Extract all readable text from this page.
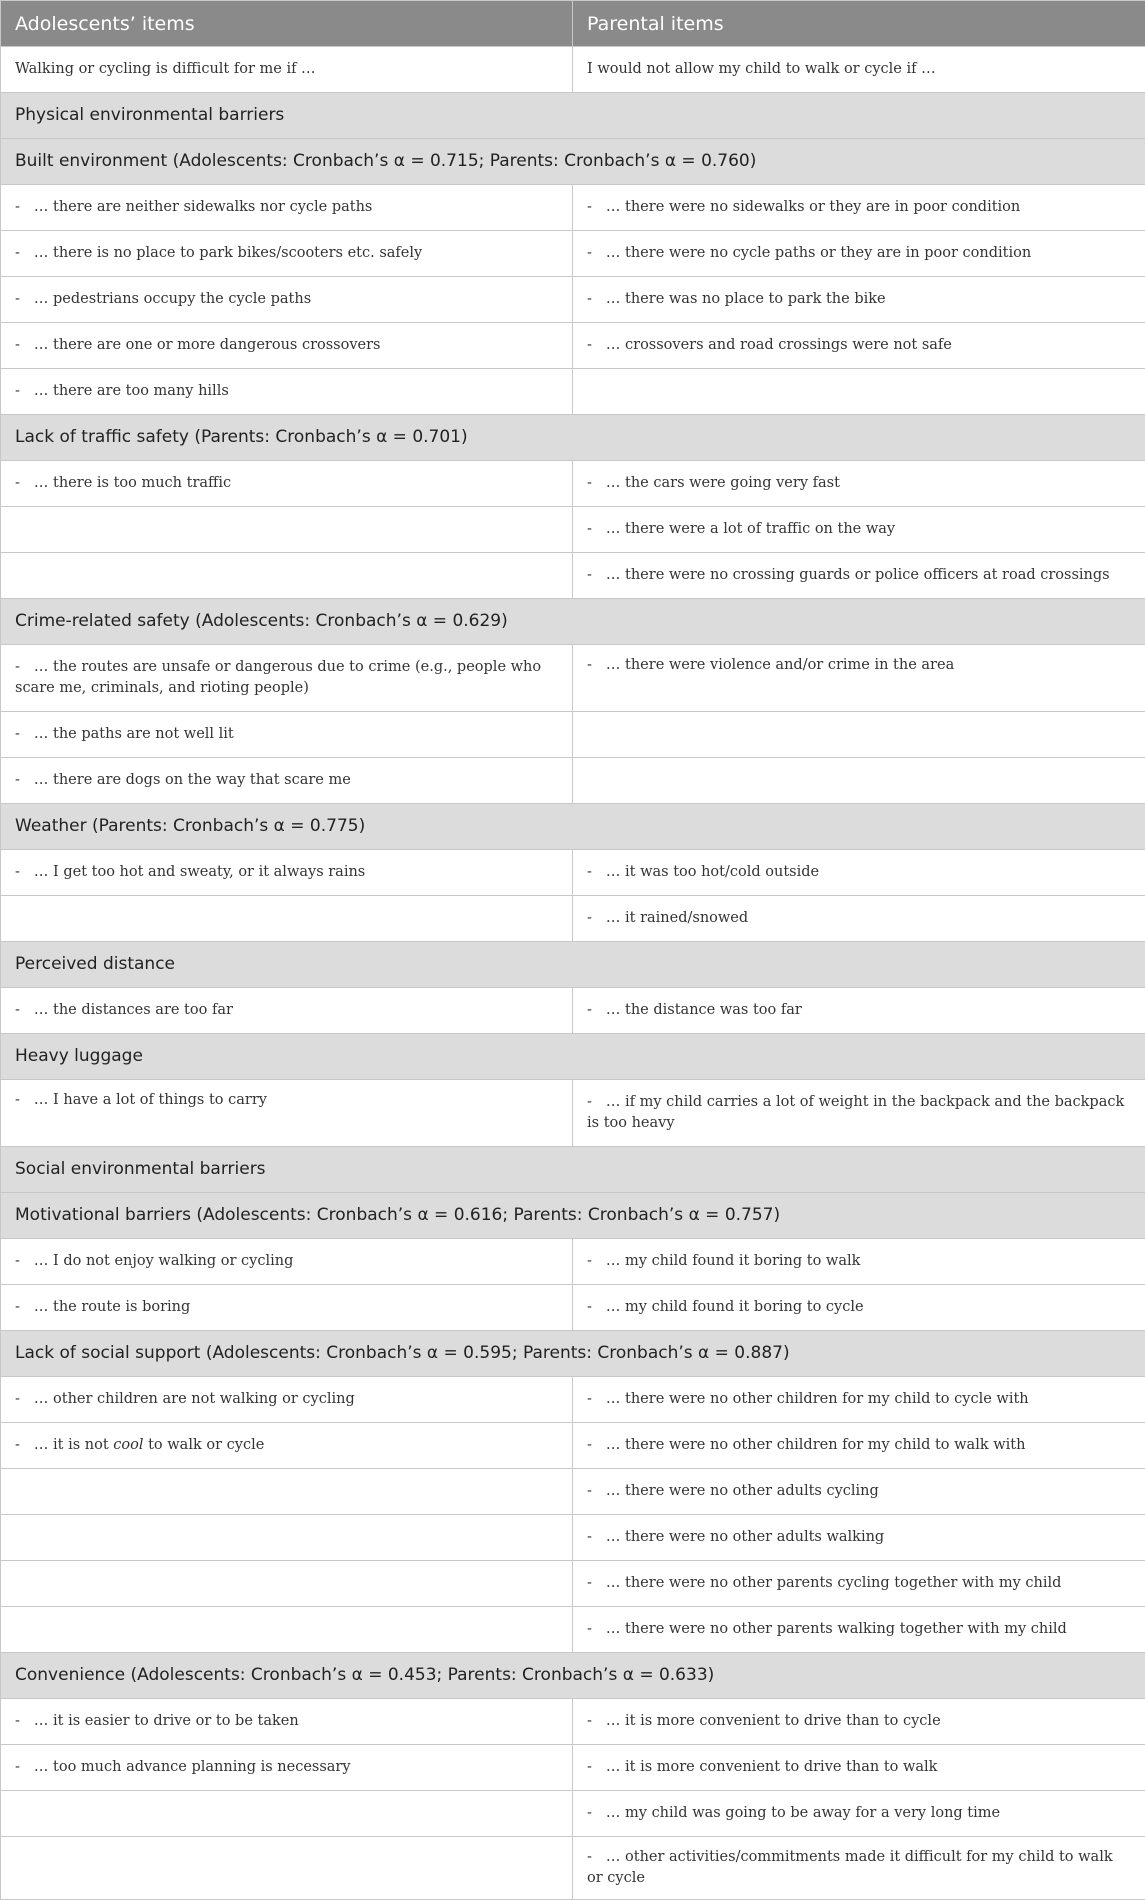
Adolescents’ items	Parental items
Walking or cycling is difficult for me if …	I would not allow my child to walk or cycle if …
Physical environmental barriers	
Built environment (Adolescents: Cronbach’s α = 0.715; Parents: Cronbach’s α = 0.760)	
- … there are neither sidewalks nor cycle paths	- … there were no sidewalks or they are in poor condition
- … there is no place to park bikes/scooters etc. safely	- … there were no cycle paths or they are in poor condition
- … pedestrians occupy the cycle paths	- … there was no place to park the bike
- … there are one or more dangerous crossovers	- … crossovers and road crossings were not safe
- … there are too many hills	
Lack of traffic safety (Parents: Cronbach’s α = 0.701)	
- … there is too much traffic	- … the cars were going very fast
	- … there were a lot of traffic on the way
	- … there were no crossing guards or police officers at road crossings
Crime-related safety (Adolescents: Cronbach’s α = 0.629)	
- … the routes are unsafe or dangerous due to crime (e.g., people who scare me, criminals, and rioting people)	- … there were violence and/or crime in the area
- … the paths are not well lit	
- … there are dogs on the way that scare me	
Weather (Parents: Cronbach’s α = 0.775)	
- … I get too hot and sweaty, or it always rains	- … it was too hot/cold outside
	- … it rained/snowed
Perceived distance	
- … the distances are too far	- … the distance was too far
Heavy luggage	
- … I have a lot of things to carry	- … if my child carries a lot of weight in the backpack and the backpack is too heavy
Social environmental barriers	
Motivational barriers (Adolescents: Cronbach’s α = 0.616; Parents: Cronbach’s α = 0.757)	
- … I do not enjoy walking or cycling	- … my child found it boring to walk
- … the route is boring	- … my child found it boring to cycle
Lack of social support (Adolescents: Cronbach’s α = 0.595; Parents: Cronbach’s α = 0.887)	
- … other children are not walking or cycling	- … there were no other children for my child to cycle with
- … it is not cool to walk or cycle	- … there were no other children for my child to walk with
	- … there were no other adults cycling
	- … there were no other adults walking
	- … there were no other parents cycling together with my child
	- … there were no other parents walking together with my child
Convenience (Adolescents: Cronbach’s α = 0.453; Parents: Cronbach’s α = 0.633)	
- … it is easier to drive or to be taken	- … it is more convenient to drive than to cycle
- … too much advance planning is necessary	- … it is more convenient to drive than to walk
	- … my child was going to be away for a very long time
	- … other activities/commitments made it difficult for my child to walk or cycle
